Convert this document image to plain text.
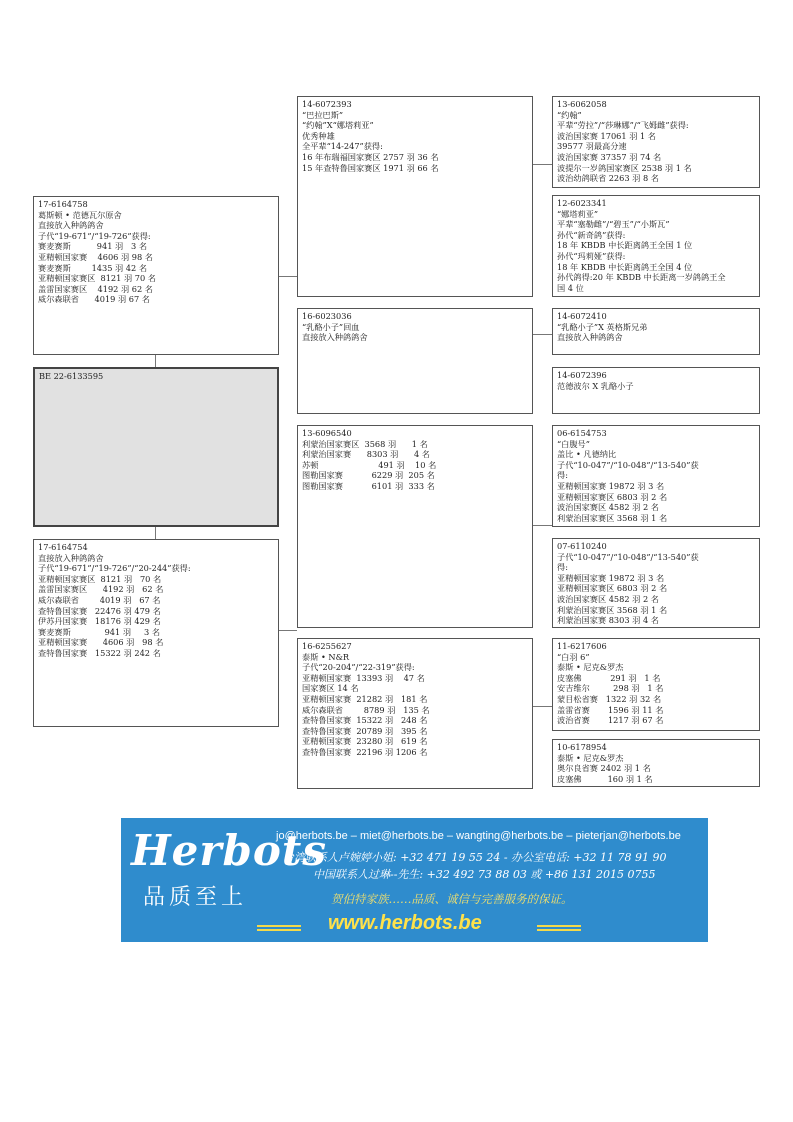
17-6164758
葛斯顿 • 范德瓦尔原舍
直接放入种鸽鸽舍
子代“19-671”/“19-726”获得:
赛麦赛斯          941 羽   3 名
亚精顿国家赛    4606 羽 98 名
赛麦赛斯        1435 羽 42 名
亚精顿国家赛区  8121 羽 70 名
盖雷国家赛区    4192 羽 62 名
威尔森联省      4019 羽 67 名
BE 22-6133595
17-6164754
直接放入种鸽鸽舍
子代“19-671”/“19-726”/“20-244”获得:
亚精顿国家赛区  8121 羽   70 名
盖雷国家赛区      4192 羽   62 名
威尔森联省        4019 羽   67 名
查特鲁国家赛   22476 羽 479 名
伊苏丹国家赛   18176 羽 429 名
赛麦赛斯             941 羽     3 名
亚精顿国家赛      4606 羽   98 名
查特鲁国家赛   15322 羽 242 名
14-6072393
“巴拉巴斯”
“约翰”X“娜塔莉亚”
优秀种雄
全平辈“14-247”获得:
16 年布瑞福国家赛区 2757 羽 36 名
15 年查特鲁国家赛区 1971 羽 66 名
16-6023036
“乳酪小子”回血
直接放入种鸽鸽舍
13-6096540
利蒙治国家赛区  3568 羽      1 名
利蒙治国家赛      8303 羽      4 名
苏顿                       491 羽    10 名
图勒国家赛           6229 羽  205 名
图勒国家赛           6101 羽  333 名
16-6255627
泰斯 • N&R
子代“20-204”/“22-319”获得:
亚精顿国家赛  13393 羽    47 名
国家赛区 14 名
亚精顿国家赛  21282 羽   181 名
威尔森联省        8789 羽   135 名
查特鲁国家赛  15322 羽   248 名
查特鲁国家赛  20789 羽   395 名
亚精顿国家赛  23280 羽   619 名
查特鲁国家赛  22196 羽 1206 名
13-6062058
“约翰”
平辈“劳拉”/“莎琳娜”/“飞姆雌”获得:
波治国家赛 17061 羽 1 名
39577 羽最高分速
波治国家赛 37357 羽 74 名
波提尔一岁鸽国家赛区 2538 羽 1 名
波治幼鸽联省 2263 羽 8 名
12-6023341
“娜塔莉亚”
平辈“塞勒雌”/“碧玉”/“小斯瓦”
孙代“新奇鸽”获得:
18 年 KBDB 中长距离鸽王全国 1 位
孙代“玛莉娅”获得:
18 年 KBDB 中长距离鸽王全国 4 位
孙代鸽得:20 年 KBDB 中长距离一岁鸽鸽王全
国 4 位
14-6072410
“乳酪小子”X 英格斯兄弟
直接放入种鸽鸽舍
14-6072396
范德波尔 X 乳酪小子
06-6154753
“白腹号”
盖比 • 凡德纳比
子代“10-047”/“10-048”/“13-540”获
得:
亚精顿国家赛 19872 羽 3 名
亚精顿国家赛区 6803 羽 2 名
波治国家赛区 4582 羽 2 名
利蒙治国家赛区 3568 羽 1 名
07-6110240
子代“10-047”/“10-048”/“13-540”获
得:
亚精顿国家赛 19872 羽 3 名
亚精顿国家赛区 6803 羽 2 名
波治国家赛区 4582 羽 2 名
利蒙治国家赛区 3568 羽 1 名
利蒙治国家赛 8303 羽 4 名
11-6217606
“白羽 6”
泰斯 • 尼克&罗杰
皮塞佛           291 羽   1 名
安吉维尔         298 羽   1 名
蒙目松省赛   1322 羽 32 名
盖雷省赛       1596 羽 11 名
波治省赛       1217 羽 67 名
10-6178954
泰斯 • 尼克&罗杰
奥尔良省赛 2402 羽 1 名
皮塞佛          160 羽 1 名
Herbots
品质至上
jo@herbots.be – miet@herbots.be – wangting@herbots.be – pieterjan@herbots.be
台湾联系人卢婉婷小姐: +32 471 19 55 24 - 办公室电话: +32 11 78 91 90
中国联系人过琳--先生: +32 492 73 88 03 或 +86 131 2015 0755
贺伯特家族……品质、诚信与完善服务的保证。
www.herbots.be
